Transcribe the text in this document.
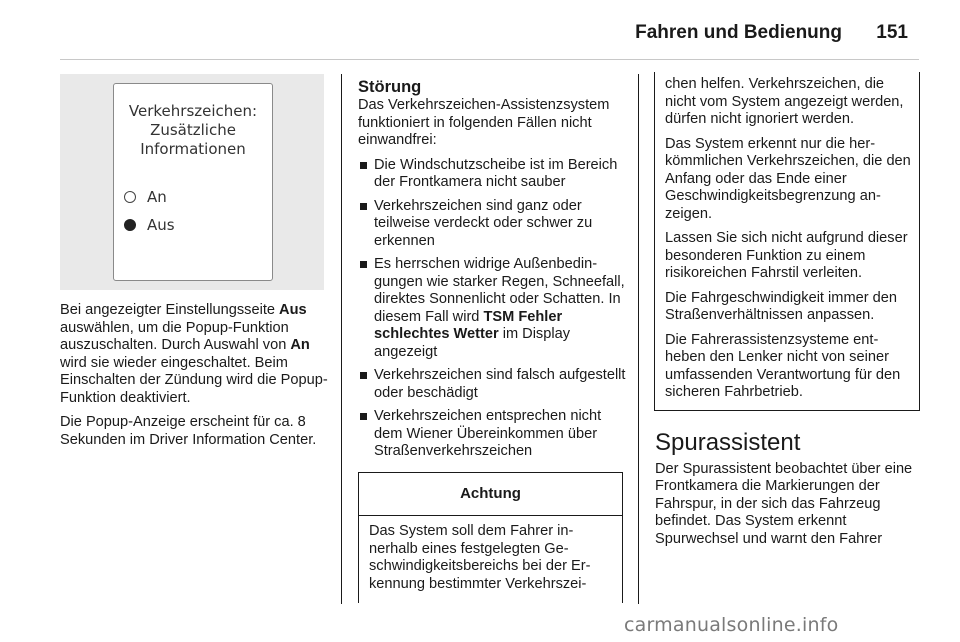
Fahren und Bedienung 151
Verkehrszeichen:
Zusätzliche
Informationen
An
Aus

Bei angezeigter Einstellungsseite Aus auswählen, um die Popup-Funktion auszuschalten. Durch Auswahl von An wird sie wieder eingeschaltet. Beim Einschalten der Zündung wird die Popup-Funktion deaktiviert.

Die Popup-Anzeige erscheint für ca. 8 Sekunden im Driver Information Center.

Störung

Das Verkehrszeichen-Assistenzsystem funktioniert in folgenden Fällen nicht einwandfrei:

Die Windschutzscheibe ist im Bereich der Frontkamera nicht sauber
Verkehrszeichen sind ganz oder teilweise verdeckt oder schwer zu erkennen
Es herrschen widrige Außenbedingungen wie starker Regen, Schneefall, direktes Sonnenlicht oder Schatten. In diesem Fall wird TSM Fehler schlechtes Wetter im Display angezeigt
Verkehrszeichen sind falsch aufgestellt oder beschädigt
Verkehrszeichen entsprechen nicht dem Wiener Übereinkommen über Straßenverkehrszeichen
Achtung
Das System soll dem Fahrer innerhalb eines festgelegten Geschwindigkeitsbereichs bei der Erkennung bestimmter Verkehrszei-

chen helfen. Verkehrszeichen, die nicht vom System angezeigt werden, dürfen nicht ignoriert werden.

Das System erkennt nur die herkömmlichen Verkehrszeichen, die den Anfang oder das Ende einer Geschwindigkeitsbegrenzung anzeigen.

Lassen Sie sich nicht aufgrund dieser besonderen Funktion zu einem risikoreichen Fahrstil verleiten.

Die Fahrgeschwindigkeit immer den Straßenverhältnissen anpassen.

Die Fahrerassistenzsysteme entheben den Lenker nicht von seiner umfassenden Verantwortung für den sicheren Fahrbetrieb.

Spurassistent

Der Spurassistent beobachtet über eine Frontkamera die Markierungen der Fahrspur, in der sich das Fahrzeug befindet. Das System erkennt Spurwechsel und warnt den Fahrer

carmanualsonline.info
